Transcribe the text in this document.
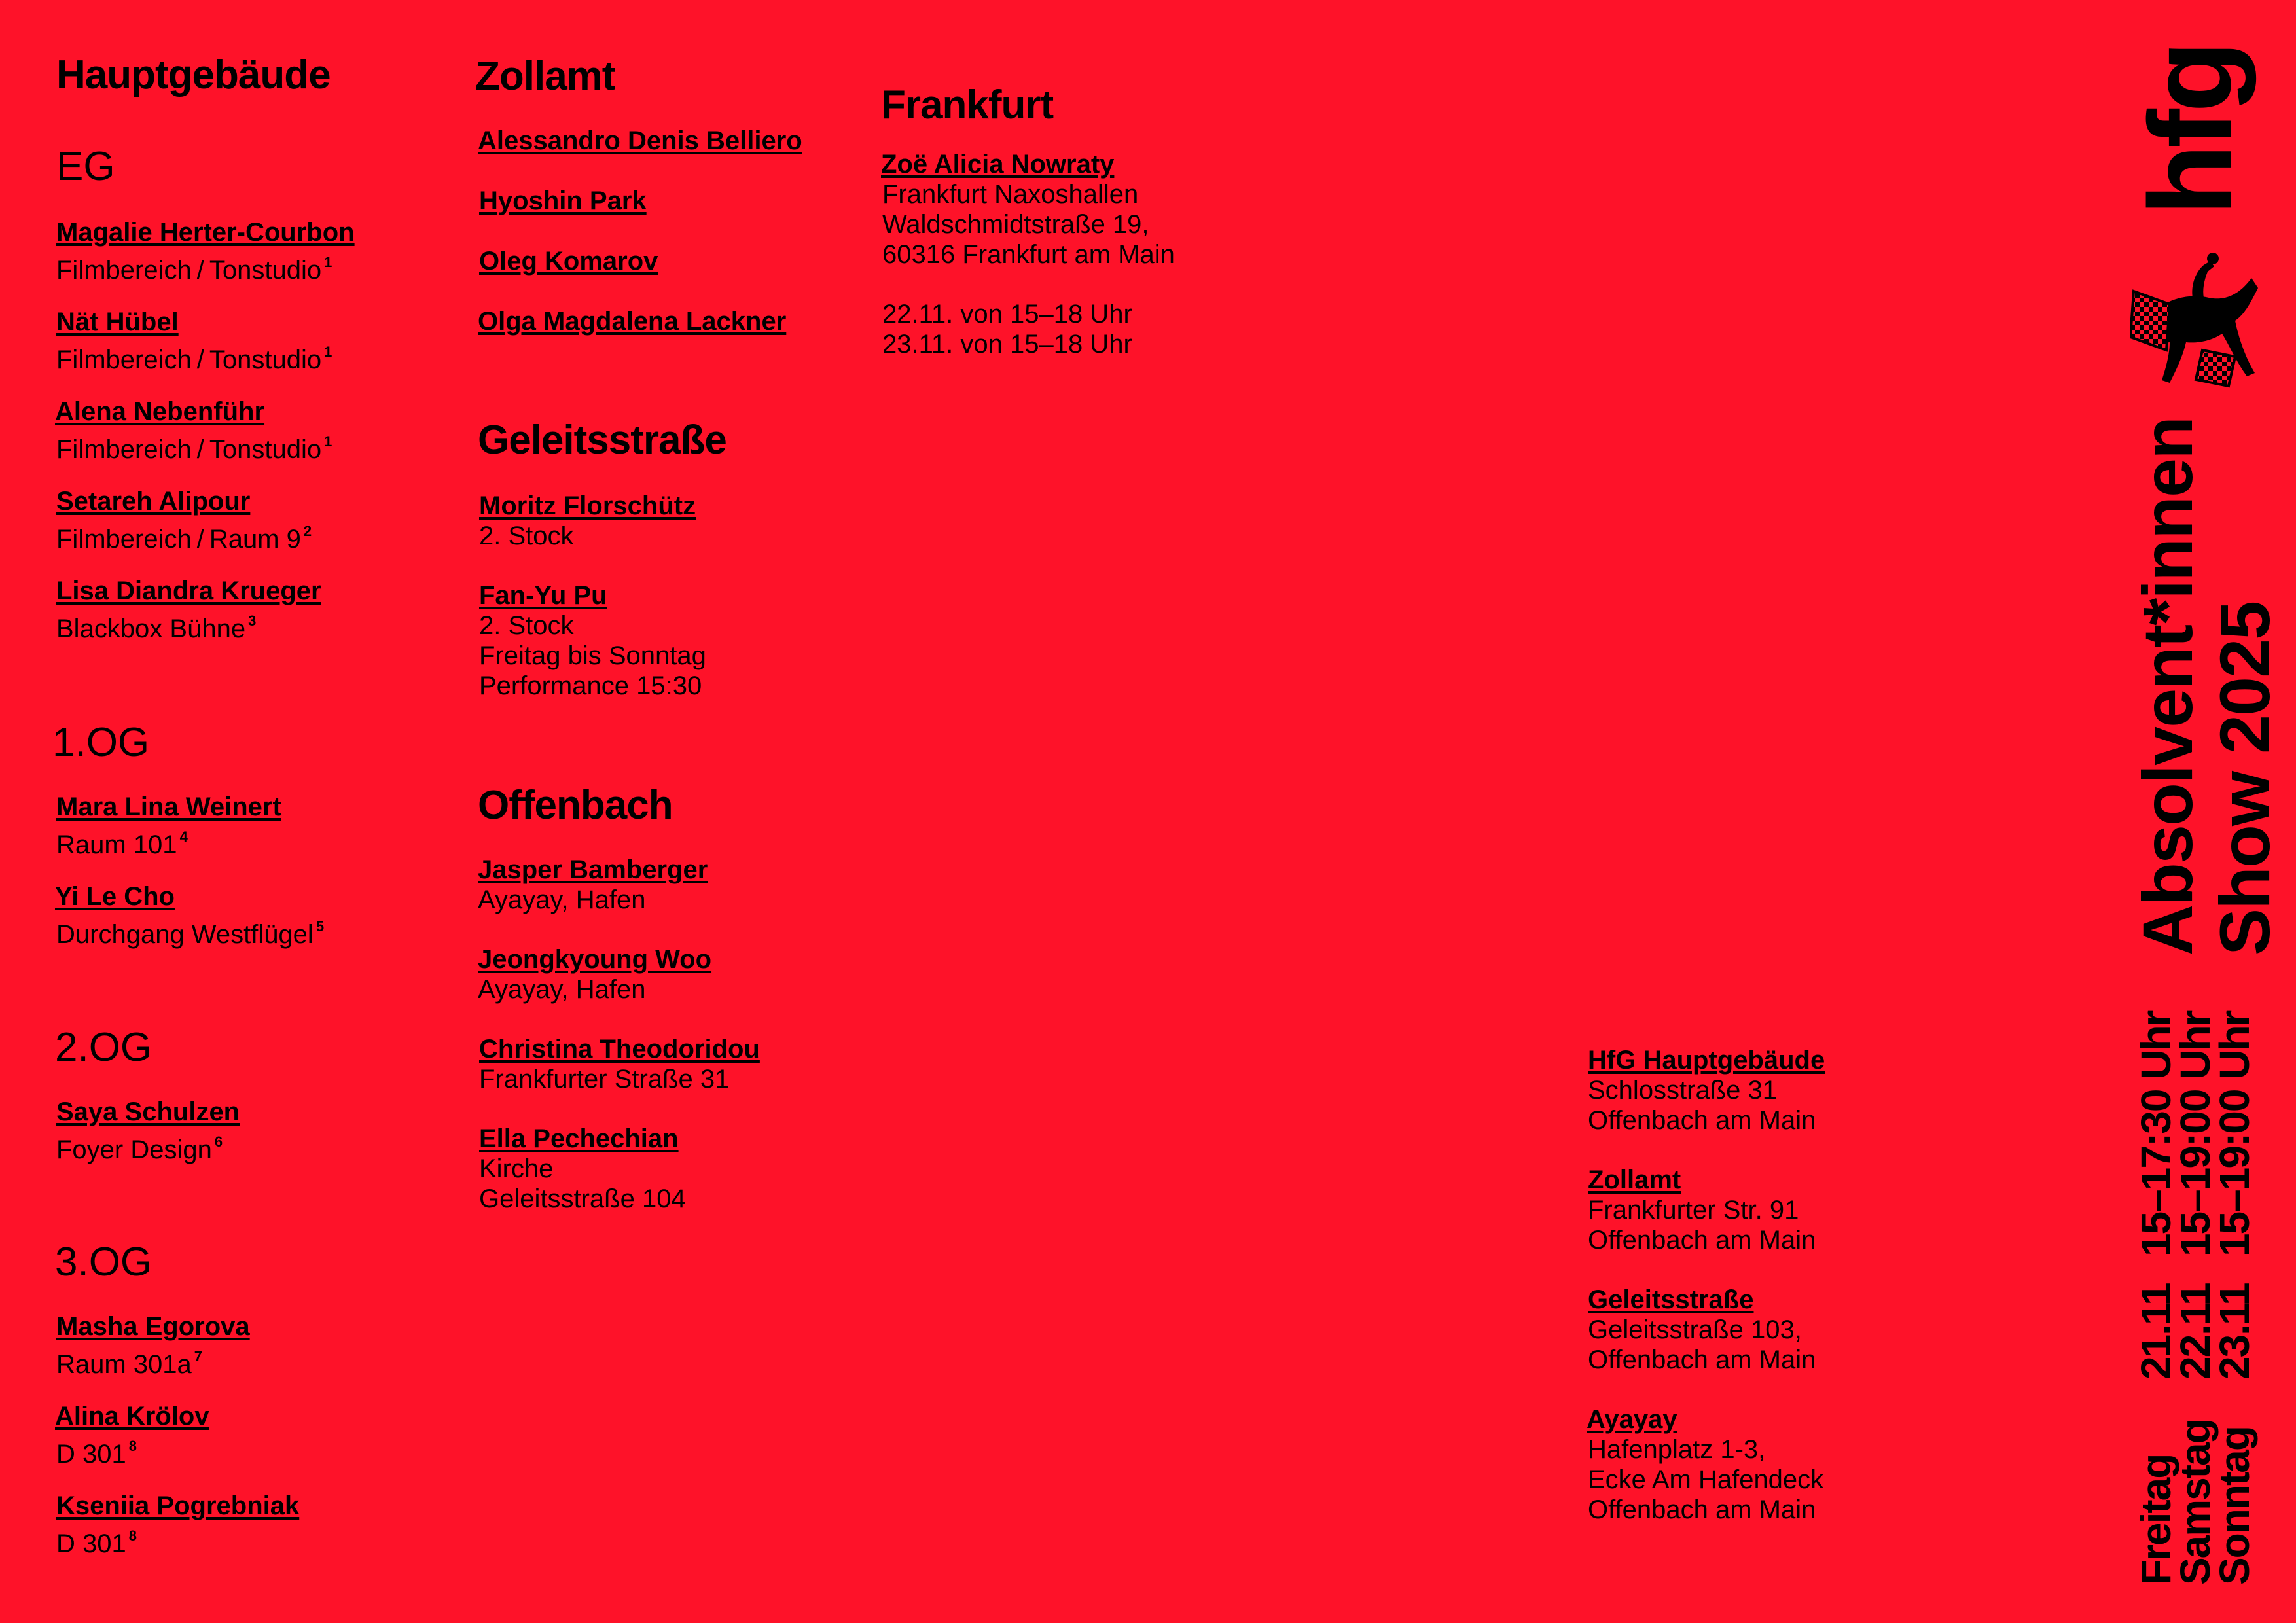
Hauptgebäude
EG
Magalie Herter-Courbon
Filmbereich / Tonstudio $^1$
Nät Hübel
Filmbereich / Tonstudio $^1$
Alena Nebenführ
Filmbereich / Tonstudio $^1$
Setareh Alipour
Filmbereich / Raum 9 $^2$
Lisa Diandra Krueger
Blackbox Bühne $^3$
1.OG
Mara Lina Weinert
Raum 101 $^4$
Yi Le Cho
Durchgang Westflügel $^5$
2.OG
Saya Schulzen
Foyer Design $^6$
3.OG
Masha Egorova
Raum 301a $^7$
Alina Krölov
D 301 $^8$
Kseniia Pogrebniak
D 301 $^8$
Zollamt
Alessandro Denis Belliero
Hyoshin Park
Oleg Komarov
Olga Magdalena Lackner
Geleitsstraße
Moritz Florschütz
2. Stock
Fan-Yu Pu
2. Stock
Freitag bis Sonntag
Performance 15:30
Offenbach
Jasper Bamberger
Ayayay, Hafen
Jeongkyoung Woo
Ayayay, Hafen
Christina Theodoridou
Frankfurter Straße 31
Ella Pechechian
Kirche
Geleitsstraße 104
Frankfurt
Zoë Alicia Nowraty
Frankfurt Naxoshallen
Waldschmidtstraße 19,
60316 Frankfurt am Main
22.11. von 15–18 Uhr
23.11. von 15–18 Uhr
HfG Hauptgebäude
Schlosstraße 31
Offenbach am Main
Zollamt
Frankfurter Str. 91
Offenbach am Main
Geleitsstraße
Geleitsstraße 103,
Offenbach am Main
Ayayay
Hafenplatz 1-3,
Ecke Am Hafendeck
Offenbach am Main
hfg
Absolvent*innen
Show 2025
Freitag
Samstag
Sonntag
21.11
22.11
23.11
15–17:30 Uhr
15–19:00 Uhr
15–19:00 Uhr
